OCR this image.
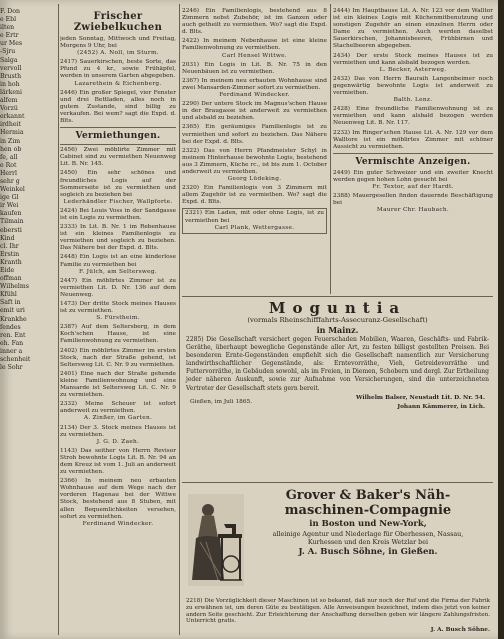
F. Don

e Ebl

ilten

e Ertr

ur Mes

-Sjru

Salga

vervoll

Brusth

in hoh

lärkeni

alfem

Vorzü

erkannt

irdheit

Hermia

in Zim

hen ob

fe, all

e Rot

Herrl

sehr g

Weinkel

ige Gl

ir Wei

kaufen

Tilmain

ebersti

Kind

cl. Ihr

Erstin

Kranth

Eide

offman

Wilhelms

Kfühl

Saft in

emit uri

Krankhe

fendes

ren. Ent

eh. Fan

inner a

schenheit

le Sohr

Frischer Zwiebelkuchen
jeden Sonntag, Mittwoch und Freitag, Morgens 9 Uhr, bei
(2452) A. Noll, im Sturm.
2417) Sauerkirschen, beste Sorte, das Pfund zu 4 kr., sowie Frühäpfel, werden in unserem Garten abgegeben.
Lazarethein & Eichenberg.
2446) Ein großer Spiegel, vier Fenster und drei Bettladen, alles noch in gutem Zustande, sind billig zu verkaufen. Bei wem? sagt die Expd. d. Blts.
Vermiethungen.
2456) Zwei möblirte Zimmer mit Cabinet sind zu vermiethen Neuenweg Lit. B. Nr. 145.
2450) Ein sehr schönes und freundliches Logis auf der Sommerseite ist zu vermiethen und sogleich zu beziehen bei
Lederhändler Fischer, Wallpforte.
2424) Bei Louis Voss in der Sandgasse ist ein Logis zu vermiethen.
2333) In Lit. B. Nr. 1 im Rebenhause ist ein kleines Familienlogis zu vermiethen und sogleich zu beziehen. Das Nähere bei der Expd. d. Blts.
2448) Ein Logis ist an eine kinderlose Familie zu vermiethen bei
F. Jülch, am Seltersweg.
2447) Ein möblirtes Zimmer ist zu vermiethen Lit. D. Nr. 136 auf dem Neuenweg.
1473) Der dritte Stock meines Hauses ist zu vermiethen.
S. Fürstheim.
2387) Auf dem Seltersberg, in dem Koch'schen Hause, ist eine Familienwohnung zu vermiethen.
2402) Ein möblirtes Zimmer im ersten Stock, nach der Straße gehend, ist Seltersweg Lit. C. Nr. 9 zu vermiethen.
2401) Eine nach der Straße gehende kleine Familienwohnung und eine Mansarde ist Seltersweg Lit. C. Nr. 9 zu vermiethen.
2332) Meine Scheuer ist sofort anderweit zu vermiethen.
A. Zinßer, im Garten.
2134) Der 3. Stock meines Hauses ist zu vermiethen.
J. G. D. Zaeh.
1143) Das seither von Herrn Revisor Stroh bewohnte Logis Lit. B. Nr. 94 an dem Kreuz ist vom 1. Juli an anderweit zu vermiethen.
2366) In meinem neu erbauten Wohnhause auf dem Wege nach der vorderen Hagenau bei der Wittwe Stock, bestehend aus 8 Stuben, mit allen Bequemlichkeiten versehen, sofort zu vermiethen.
Ferdinand Windecker.
2246) Ein Familienlogis, bestehend aus 8 Zimmern nebst Zubehör, ist im Ganzen oder auch getheilt zu vermiethen. Wo? sagt die Expd. d. Blts.
2422) In meinem Nebenhause ist eine kleine Familienwohnung zu vermiethen.
Carl Hensel Wittwe.
2031) Ein Logis in Lit. B. Nr. 75 in den Neuenbäuen ist zu vermiethen.
2367) In meinem neu erbauten Wohnhause sind zwei Mansarden-Zimmer sofort zu vermiethen.
Ferdinand Windecker.
2290) Der untere Stock im Magnus'schen Hause in der Braugasse ist anderweit zu vermiethen und alsbald zu beziehen.
2365) Ein geräumiges Familienlogis ist zu vermiethen und sofort zu beziehen. Das Nähere bei der Expd. d. Blts.
2322) Das von Herrn Pfandmeister Schyl in meinem Hinterhause bewohnte Logis, bestehend aus 3 Zimmern, Küche rc., ist bis zum 1. October anderweit zu vermiethen.
Georg Lüdeking.
2320) Ein Familienlogis von 3 Zimmern mit allem Zugehör ist zu vermiethen. Wo? sagt die Expd. d. Blts.
2321) Ein Laden, mit oder ohne Logis, ist zu vermiethen bei
Carl Plank, Wettergasse.
2444) Im Hauptbause Lit. A. Nr. 123 vor dem Walltor ist ein kleines Logis mit Küchenmitbenutzung und sonstigen Zugehör an einen einzelnen Herrn oder Dame zu vermiethen. Auch werden daselbst Sauerkirschen, Johannisbeeren, Frühbirnen und Stachelbeeren abgegeben.
2434) Der erste Stock meines Hauses ist zu vermiethen und kann alsbald bezogen werden.
L. Becker, Asterweg.
2432) Das von Herrn Bauraih Langenbeimer noch gegenwärtig bewohnte Logis ist anderweit zu vermiethen.
Balth. Lenz.
2428) Eine freundliche Familienwohnung ist zu vermiethen und kann alsbald bezogen werden Neuenweg Lit. B. Nr. 117.
2232) Im Ringer'schen Hause Lit. A. Nr. 129 vor dem Walltore ist ein möblirtes Zimmer mit schöner Aussicht zu vermiethen.
Vermischte Anzeigen.
2449) Ein guter Schweizer und ein zweiter Knecht werden gegen hohen Lohn gesucht bei
Fr. Textor, auf der Hardt.
2388) Mauergesellen finden dauernde Beschäftigung bei
Maurer Chr. Haubach.

Moguntia

(vormals Rheinschifffahrts-Assecuranz-Gesellschaft)

in Mainz.

2285) Die Gesellschaft versichert gegen Feuerschaden Mobilien, Waaren, Geschäfts- und Fabrik-Geräthe, überhaupt bewegliche Gegenstände aller Art, zu festen billigst gestellten Preisen. Bei besonderen Ernte-Gegenständen empfiehlt sich die Gesellschaft namentlich zur Versicherung landwirthschaftlicher Gegenstände, als: Erntevorräthe, Vieh, Getreidevorräthe und Futtervorräthe, in Gebäuden sowohl, als im Freien, in Diemen, Schobern und dergl. Zur Ertheilung jeder näheren Auskunft, sowie zur Aufnahme von Versicherungen, sind die unterzeichneten Vertreter der Gesellschaft stets gern bereit.

Gießen, im Juli 1865.

Wilhelm Balser, Neustadt Lit. D. Nr. 54.

Johann Kämmerer, in Lich.

Grover & Baker's Näh-

maschinen-Compagnie

in Boston und New-York,

alleinige Agentur und Niederlage für Oberhessen, Nassau,

Kurhessen und den Kreis Wetzlar bei

J. A. Busch Söhne, in Gießen.

2218) Die Vorzüglichkeit dieser Maschinen ist so bekannt, daß nur noch der Ruf und die Firma der Fabrik zu erwähnen ist, um deren Güte zu bestätigen. Alle Anweisungen bezeichnet, indem dies jetzt von keiner andern Seite geschieht. Zur Erleichterung der Anschaffung derselben geben wir längere Zahlungsfristen. Unterricht gratis.

J. A. Busch Söhne.
